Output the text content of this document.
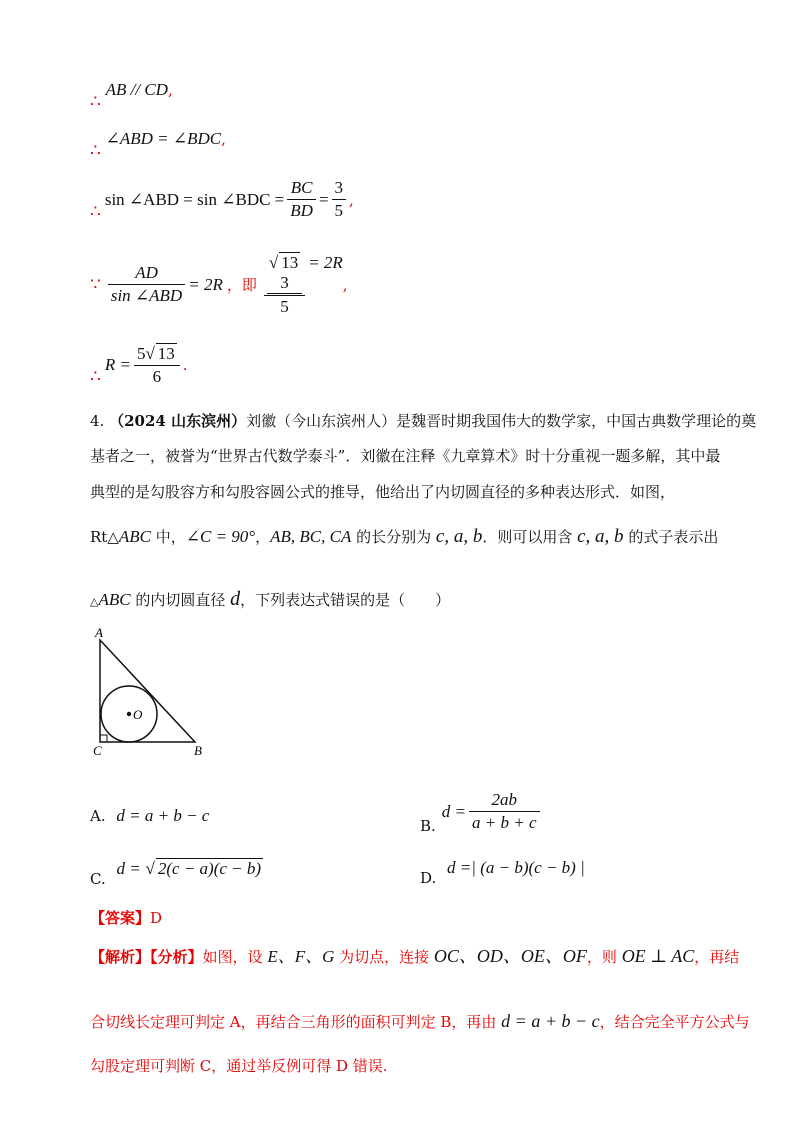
∴ AB // CD,
∴ ∠ABD = ∠BDC,
∴
sin ∠ABD = sin ∠BDC = $\frac{BC}{BD} = \frac{3}{5}$ ,
∵ $\frac{AD}{\text{sin ∠ABD}} = 2R$ ，即
√ 13
3
5
= 2R
,
∴
$R = \frac{5√ 13}{6}$ .
4. （2024 山东滨州）刘徽（今山东滨州人）是魏晋时期我国伟大的数学家，中国古典数学理论的奠
基者之一，被誉为“世界古代数学泰斗”．刘徽在注释《九章算术》时十分重视一题多解，其中最
典型的是勾股容方和勾股容圆公式的推导，他给出了内切圆直径的多种表达形式．如图，
Rt△ABC 中，∠C = 90°，AB, BC, CA 的长分别为 c, a, b．则可以用含 c, a, b 的式子表示出
△ABC 的内切圆直径 d，下列表达式错误的是（　　）
A
C	B
O
A. d = a + b − c
B.
$d = \frac{2ab}{a + b + c}$
C. d = √ 2(c − a)(c − b)	D. d =| (a − b)(c − b) |
【答案】D
【解析】【分析】如图，设 E、F、G 为切点，连接 OC、OD、OE、OF，则 OE ⊥ AC，再结
合切线长定理可判定 A，再结合三角形的面积可判定 B，再由 d = a + b − c，结合完全平方公式与
勾股定理可判断 C，通过举反例可得 D 错误.
